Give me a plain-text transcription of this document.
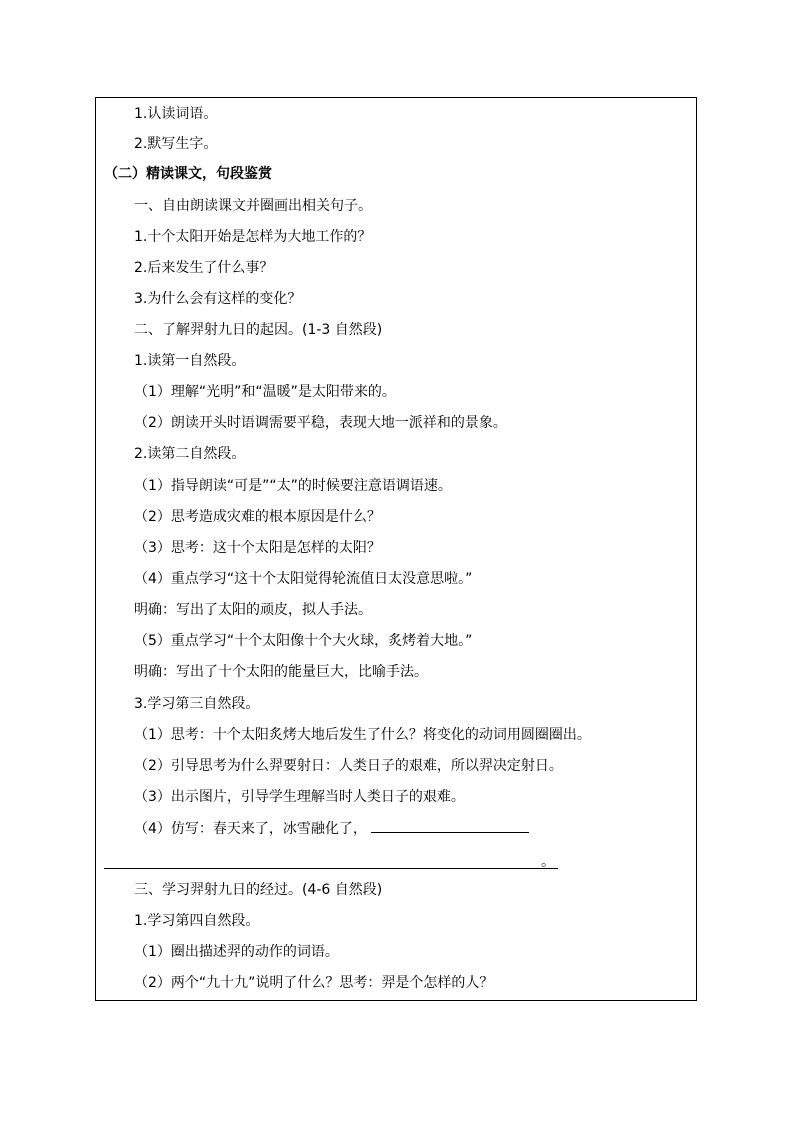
1.认读词语。
2.默写生字。
（二）精读课文，句段鉴赏
一、自由朗读课文并圈画出相关句子。
1.十个太阳开始是怎样为大地工作的？
2.后来发生了什么事？
3.为什么会有这样的变化？
二、了解羿射九日的起因。(1-3 自然段)
1.读第一自然段。
（1）理解“光明”和“温暖”是太阳带来的。
（2）朗读开头时语调需要平稳，表现大地一派祥和的景象。
2.读第二自然段。
（1）指导朗读“可是”“太”的时候要注意语调语速。
（2）思考造成灾难的根本原因是什么？
（3）思考：这十个太阳是怎样的太阳？
（4）重点学习“这十个太阳觉得轮流值日太没意思啦。”
明确：写出了太阳的顽皮，拟人手法。
（5）重点学习“十个太阳像十个大火球，炙烤着大地。”
明确：写出了十个太阳的能量巨大，比喻手法。
3.学习第三自然段。
（1）思考：十个太阳炙烤大地后发生了什么？将变化的动词用圆圈圈出。
（2）引导思考为什么羿要射日：人类日子的艰难，所以羿决定射日。
（3）出示图片，引导学生理解当时人类日子的艰难。
（4）仿写：春天来了，冰雪融化了，
。
三、学习羿射九日的经过。(4-6 自然段)
1.学习第四自然段。
（1）圈出描述羿的动作的词语。
（2）两个“九十九”说明了什么？思考：羿是个怎样的人？
